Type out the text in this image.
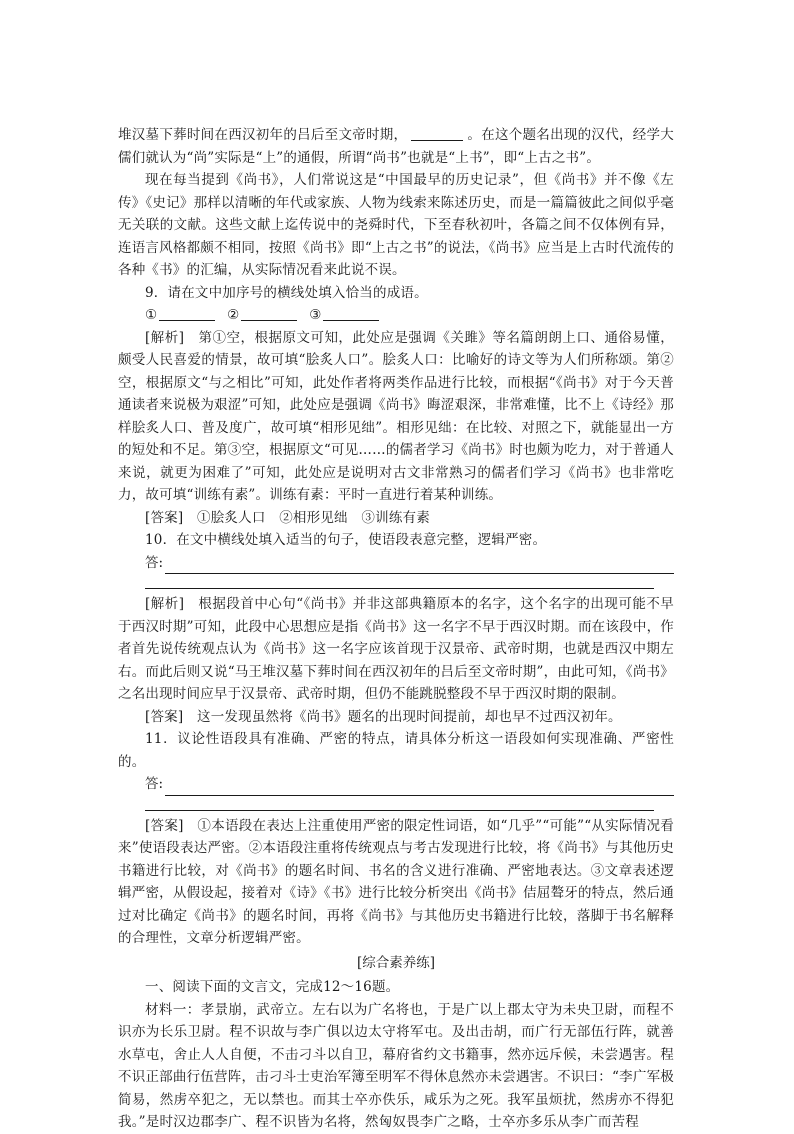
堆汉墓下葬时间在西汉初年的吕后至文帝时期，	。在这个题名出现的汉代，经学大儒们就认为“尚”实际是“上”的通假，所谓“尚书”也就是“上书”，即“上古之书”。

现在每当提到《尚书》，人们常说这是“中国最早的历史记录”，但《尚书》并不像《左传》《史记》那样以清晰的年代或家族、人物为线索来陈述历史，而是一篇篇彼此之间似乎毫无关联的文献。这些文献上迄传说中的尧舜时代，下至春秋初叶，各篇之间不仅体例有异，连语言风格都颇不相同，按照《尚书》即“上古之书”的说法，《尚书》应当是上古时代流传的各种《书》的汇编，从实际情况看来此说不误。

9．请在文中加序号的横线处填入恰当的成语。

①	②	③

[解析]　第①空，根据原文可知，此处应是强调《关雎》等名篇朗朗上口、通俗易懂，颇受人民喜爱的情景，故可填“脍炙人口”。脍炙人口：比喻好的诗文等为人们所称颂。第②空，根据原文“与之相比”可知，此处作者将两类作品进行比较，而根据“《尚书》对于今天普通读者来说极为艰涩”可知，此处应是强调《尚书》晦涩艰深，非常难懂，比不上《诗经》那样脍炙人口、普及度广，故可填“相形见绌”。相形见绌：在比较、对照之下，就能显出一方的短处和不足。第③空，根据原文“可见……的儒者学习《尚书》时也颇为吃力，对于普通人来说，就更为困难了”可知，此处应是说明对古文非常熟习的儒者们学习《尚书》也非常吃力，故可填“训练有素”。训练有素：平时一直进行着某种训练。

[答案]　①脍炙人口　②相形见绌　③训练有素

10．在文中横线处填入适当的句子，使语段表意完整，逻辑严密。

答:

[解析]　根据段首中心句“《尚书》并非这部典籍原本的名字，这个名字的出现可能不早于西汉时期”可知，此段中心思想应是指《尚书》这一名字不早于西汉时期。而在该段中，作者首先说传统观点认为《尚书》这一名字应该首现于汉景帝、武帝时期，也就是西汉中期左右。而此后则又说“马王堆汉墓下葬时间在西汉初年的吕后至文帝时期”，由此可知，《尚书》之名出现时间应早于汉景帝、武帝时期，但仍不能跳脱整段不早于西汉时期的限制。

[答案]　这一发现虽然将《尚书》题名的出现时间提前，却也早不过西汉初年。

11．议论性语段具有准确、严密的特点，请具体分析这一语段如何实现准确、严密性的。

答:

[答案]　①本语段在表达上注重使用严密的限定性词语，如“几乎”“可能”“从实际情况看来”使语段表达严密。②本语段注重将传统观点与考古发现进行比较，将《尚书》与其他历史书籍进行比较，对《尚书》的题名时间、书名的含义进行准确、严密地表达。③文章表述逻辑严密，从假设起，接着对《诗》《书》进行比较分析突出《尚书》佶屈聱牙的特点，然后通过对比确定《尚书》的题名时间，再将《尚书》与其他历史书籍进行比较，落脚于书名解释的合理性，文章分析逻辑严密。

[综合素养练]

一、阅读下面的文言文，完成12～16题。

材料一：孝景崩，武帝立。左右以为广名将也，于是广以上郡太守为未央卫尉，而程不识亦为长乐卫尉。程不识故与李广俱以边太守将军屯。及出击胡，而广行无部伍行阵，就善水草屯，舍止人人自便，不击刁斗以自卫，幕府省约文书籍事，然亦远斥候，未尝遇害。程不识正部曲行伍营阵，击刁斗士吏治军簿至明军不得休息然亦未尝遇害。不识曰：“李广军极简易，然虏卒犯之，无以禁也。而其士卒亦佚乐，咸乐为之死。我军虽烦扰，然虏亦不得犯我。”是时汉边郡李广、程不识皆为名将，然匈奴畏李广之略，士卒亦多乐从李广而苦程
